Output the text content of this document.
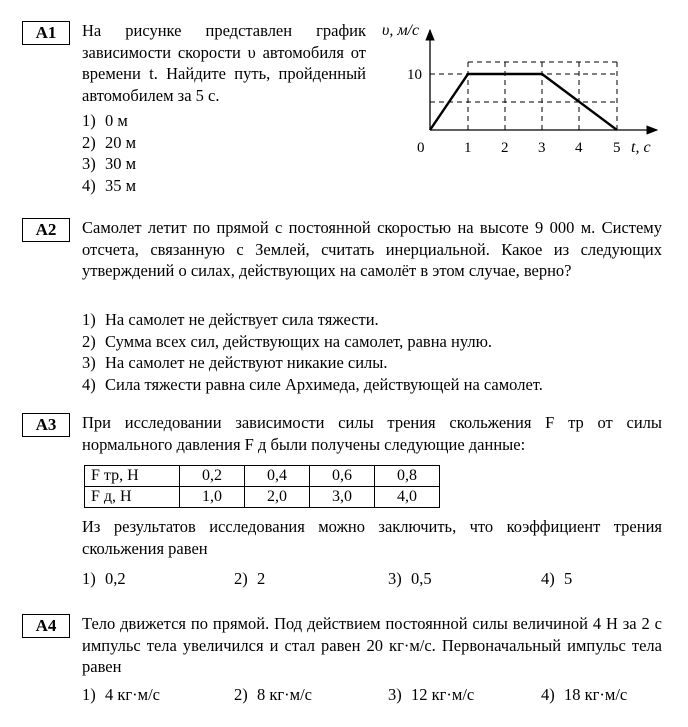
А1	На рисунке представлен график зависимости скорости υ автомобиля от времени t. Найдите путь, пройденный автомобилем за 5 с.

1) 0 м
2) 20 м
3) 30 м
4) 35 м
υ, м/с
10
0	1 2 3 4 5 t, с
А2	Самолет летит по прямой с постоянной скоростью на высоте 9 000 м. Систему отсчета, связанную с Землей, считать инерциальной. Какое из следующих утверждений о силах, действующих на самолёт в этом случае, верно?

1) На самолет не действует сила тяжести.
2) Сумма всех сил, действующих на самолет, равна нулю.
3) На самолет не действуют никакие силы.
4) Сила тяжести равна силе Архимеда, действующей на самолет.
А3	При исследовании зависимости силы трения скольжения F тр от силы нормального давления F д были получены следующие данные:

F тр, Н	0,2	0,4	0,6	0,8
F д, Н	1,0	2,0	3,0	4,0

Из результатов исследования можно заключить, что коэффициент трения скольжения равен

1) 0,2	2) 2	3) 0,5	4) 5
А4	Тело движется по прямой. Под действием постоянной силы величиной 4 Н за 2 с импульс тела увеличился и стал равен 20 кг·м/с. Первоначальный импульс тела равен

1) 4 кг·м/с	2) 8 кг·м/с	3) 12 кг·м/с	4) 18 кг·м/с
